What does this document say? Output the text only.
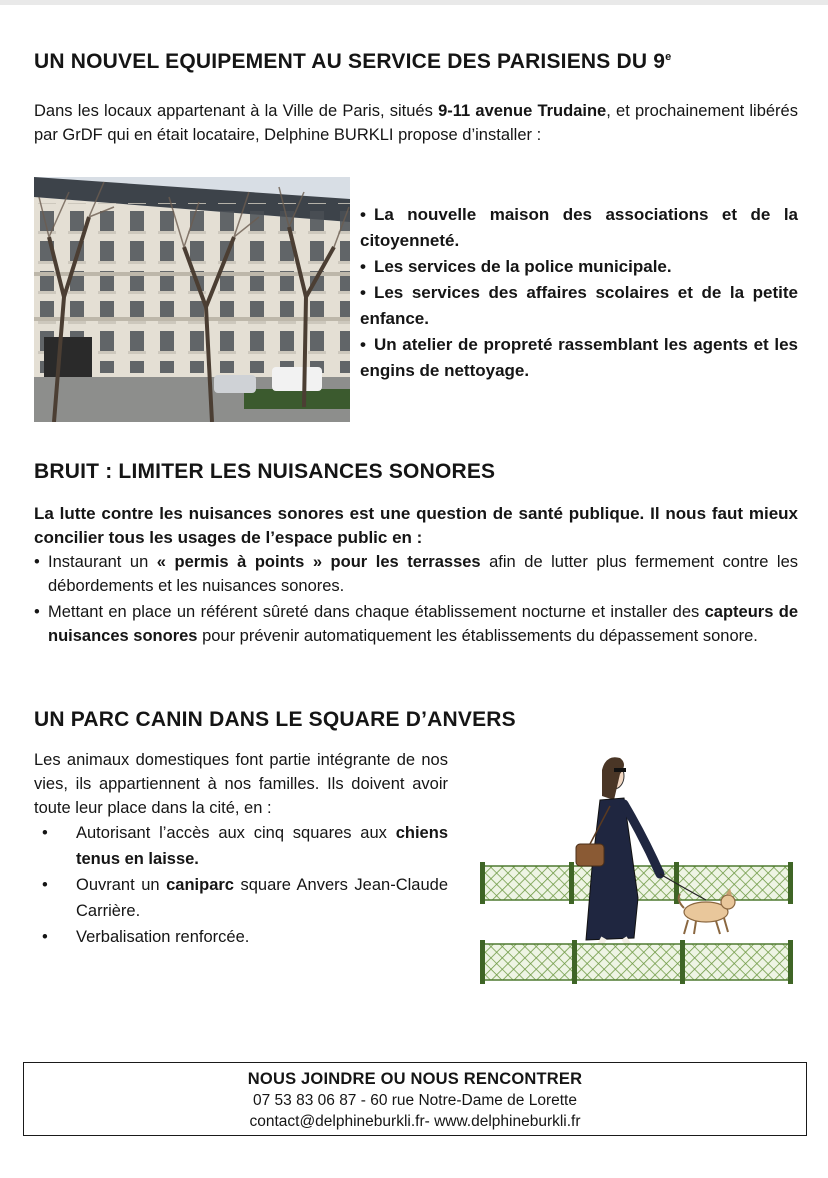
UN NOUVEL EQUIPEMENT AU SERVICE DES PARISIENS DU 9e

Dans les locaux appartenant à la Ville de Paris, situés 9-11 avenue Trudaine, et prochainement libérés par GrDF qui en était locataire, Delphine BURKLI propose d’installer :

• La nouvelle maison des associations et de la citoyenneté.

• Les services de la police municipale.

• Les services des affaires scolaires et de la petite enfance.

• Un atelier de propreté rassemblant les agents et les engins de nettoyage.

BRUIT : LIMITER LES NUISANCES SONORES

La lutte contre les nuisances sonores est une question de santé publique. Il nous faut mieux concilier tous les usages de l’espace public en :

• Instaurant un « permis à points » pour les terrasses afin de lutter plus fermement contre les débordements et les nuisances sonores.

• Mettant en place un référent sûreté dans chaque établissement nocturne et installer des capteurs de nuisances sonores pour prévenir automatiquement les établissements du dépassement sonore.

UN PARC CANIN DANS LE SQUARE D’ANVERS

Les animaux domestiques font partie intégrante de nos vies, ils appartiennent à nos familles. Ils doivent avoir toute leur place dans la cité, en :

• Autorisant l’accès aux cinq squares aux chiens tenus en laisse.

• Ouvrant un caniparc square Anvers Jean-Claude Carrière.

• Verbalisation renforcée.

NOUS JOINDRE OU NOUS RENCONTRER
07 53 83 06 87 - 60 rue Notre-Dame de Lorette
contact@delphineburkli.fr- www.delphineburkli.fr
